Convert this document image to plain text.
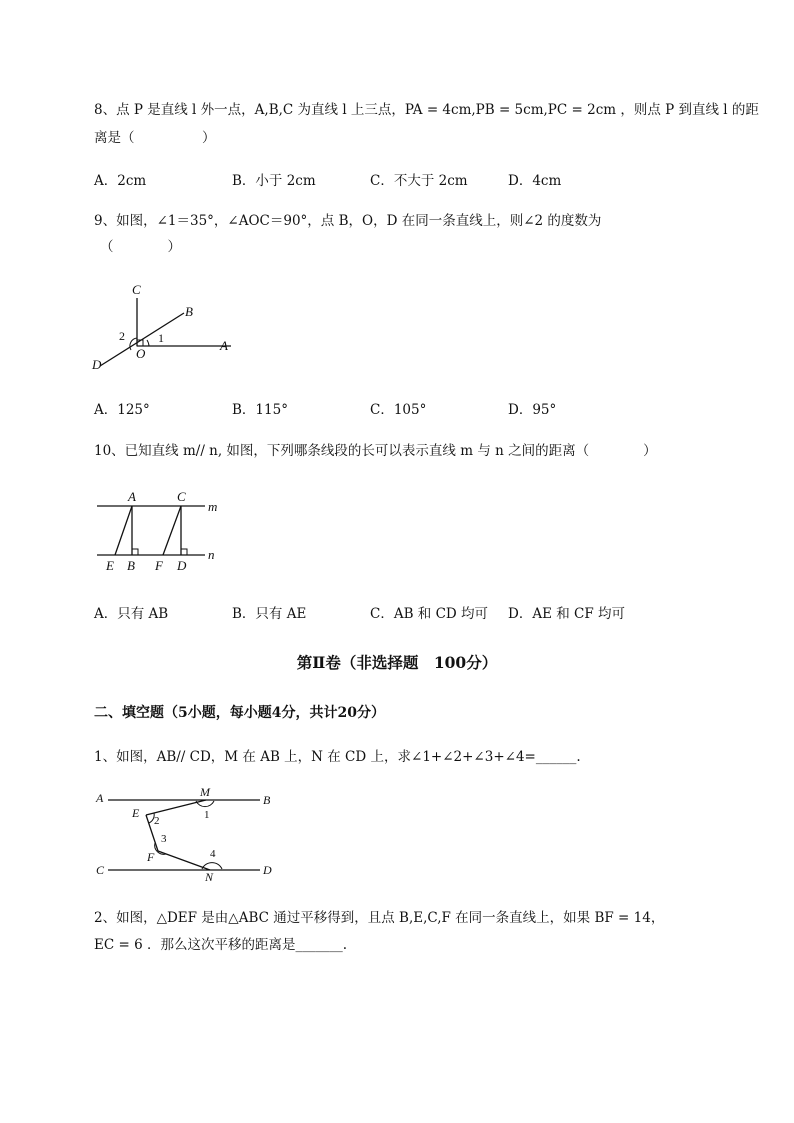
8、点 P 是直线 l 外一点，A,B,C 为直线 l 上三点，PA = 4cm,PB = 5cm,PC = 2cm ，则点 P 到直线 l 的距
离是（　　　　　）
A．2cm	B．小于 2cm	C．不大于 2cm	D．4cm
9、如图，∠1＝35°，∠AOC＝90°，点 B，O，D 在同一条直线上，则∠2 的度数为
（　　　　）
C
B
A
D
O
1
2
A．125°	B．115°	C．105°	D．95°
10、已知直线 m// n, 如图，下列哪条线段的长可以表示直线 m 与 n 之间的距离（　　　　）
A	C
m
n
E B F D
A．只有 AB	B．只有 AE	C．AB 和 CD 均可 D．AE 和 CF 均可
第Ⅱ卷（非选择题　100分）
二、填空题（5小题，每小题4分，共计20分）
1、如图，AB// CD，M 在 AB 上，N 在 CD 上，求∠1+∠2+∠3+∠4=______.
A	M
B
E	1
2
3
F	4
C	N	D
2、如图，△DEF 是由△ABC 通过平移得到，且点 B,E,C,F 在同一条直线上，如果 BF = 14，
EC = 6 ．那么这次平移的距离是_______.
